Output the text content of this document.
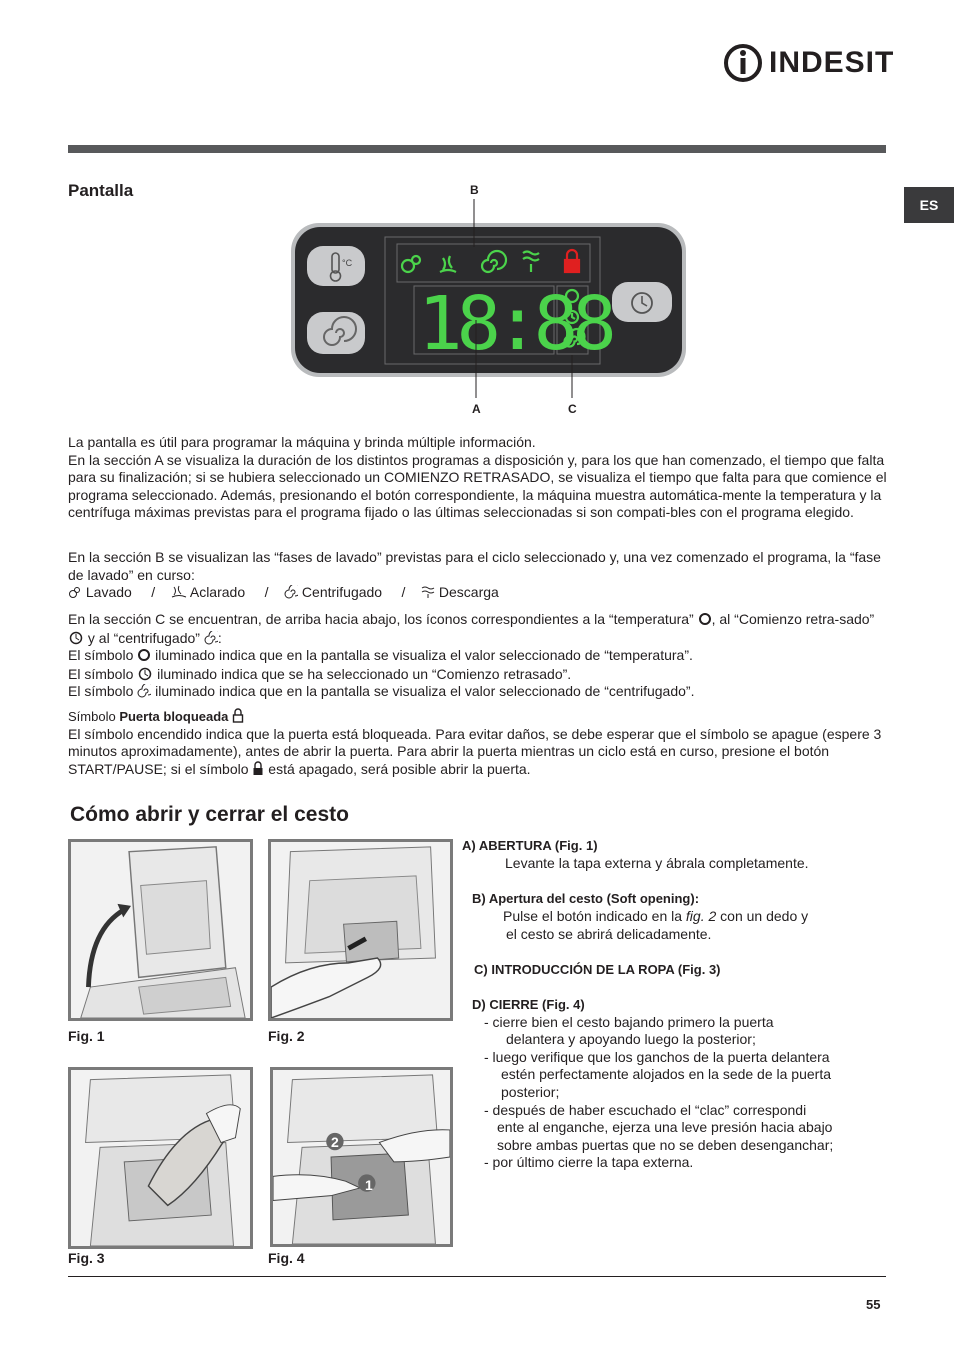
INDESIT
ES
Pantalla
18:88
°C
B
A	C

La pantalla es útil para programar la máquina y brinda múltiple información.

En la sección A se visualiza la duración de los distintos programas a disposición y, para los que han comenzado, el tiempo que falta para su finalización; si se hubiera seleccionado un COMIENZO RETRASADO, se visualiza el tiempo que falta para que comience el programa seleccionado. Además, presionando el botón correspondiente, la máquina muestra automática-mente la temperatura y la centrífuga máximas previstas para el programa fijado o las últimas seleccionadas si son compati-bles con el programa elegido.

En la sección B se visualizan las “fases de lavado” previstas para el ciclo seleccionado y, una vez comenzado el programa, la “fase de lavado” en curso:

Lavado / Aclarado / Centrifugado / Descarga

En la sección C se encuentran, de arriba hacia abajo, los íconos correspondientes a la “temperatura” , al “Comienzo retra-sado”  y al “centrifugado” :

El símbolo  iluminado indica que en la pantalla se visualiza el valor seleccionado de “temperatura”.

El símbolo  iluminado indica que se ha seleccionado un “Comienzo retrasado”.

El símbolo  iluminado indica que en la pantalla se visualiza el valor seleccionado de “centrifugado”.

Símbolo Puerta bloqueada

El símbolo encendido indica que la puerta está bloqueada. Para evitar daños, se debe esperar que el símbolo se apague (espere 3 minutos aproximadamente), antes de abrir la puerta. Para abrir la puerta mientras un ciclo está en curso, presione el botón START/PAUSE; si el símbolo  está apagado, será posible abrir la puerta.

Cómo abrir y cerrar el cesto
Fig. 1	Fig. 2
Fig. 3
2
1
Fig. 4
A) ABERTURA (Fig. 1)
Levante la tapa externa y ábrala completamente.
B) Apertura del cesto (Soft opening):
Pulse el botón indicado en la fig. 2 con un dedo y
el cesto se abrirá delicadamente.
C) INTRODUCCIÓN DE LA ROPA (Fig. 3)
D) CIERRE (Fig. 4)
- cierre bien el cesto bajando primero la puerta
delantera y apoyando luego la posterior;
- luego verifique que los ganchos de la puerta delantera
estén perfectamente alojados en la sede de la puerta
posterior;
- después de haber escuchado el “clac” correspondi
ente al enganche, ejerza una leve presión hacia abajo
sobre ambas puertas que no se deben desenganchar;
- por último cierre la tapa externa.
55
